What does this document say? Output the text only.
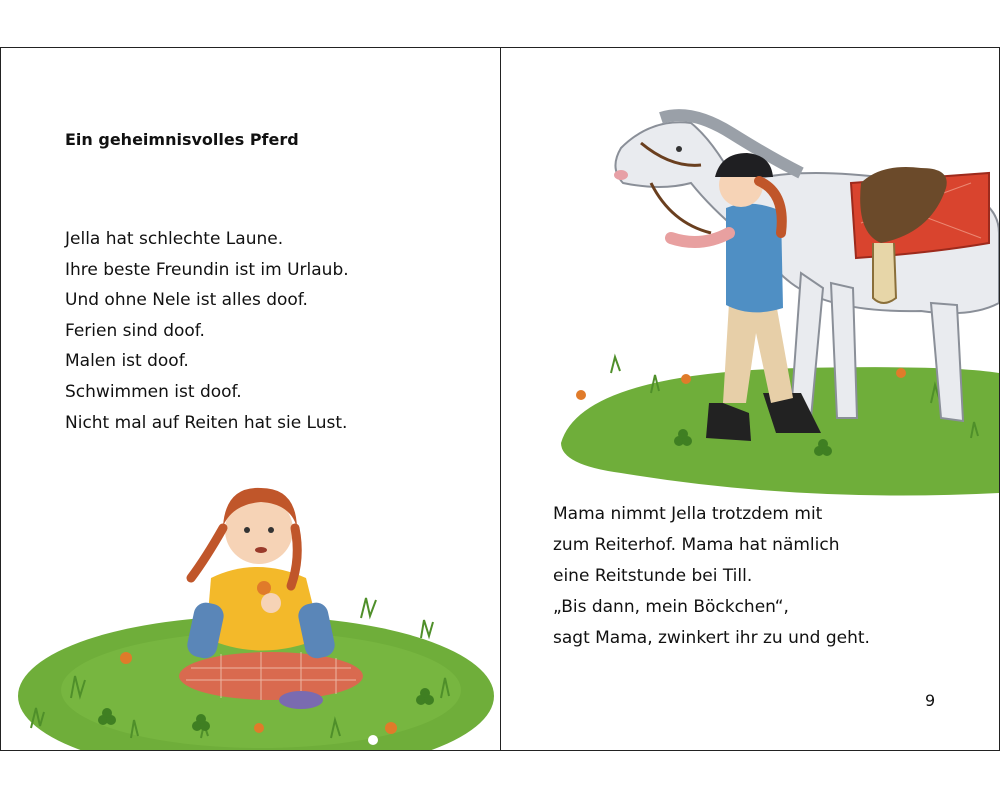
Ein geheimnisvolles Pferd
Jella hat schlechte Laune.
Ihre beste Freundin ist im Urlaub.
Und ohne Nele ist alles doof.
Ferien sind doof.
Malen ist doof.
Schwimmen ist doof.
Nicht mal auf Reiten hat sie Lust.
Mama nimmt Jella trotzdem mit
zum Reiterhof. Mama hat nämlich
eine Reitstunde bei Till.
„Bis dann, mein Böckchen“,
sagt Mama, zwinkert ihr zu und geht.
9
